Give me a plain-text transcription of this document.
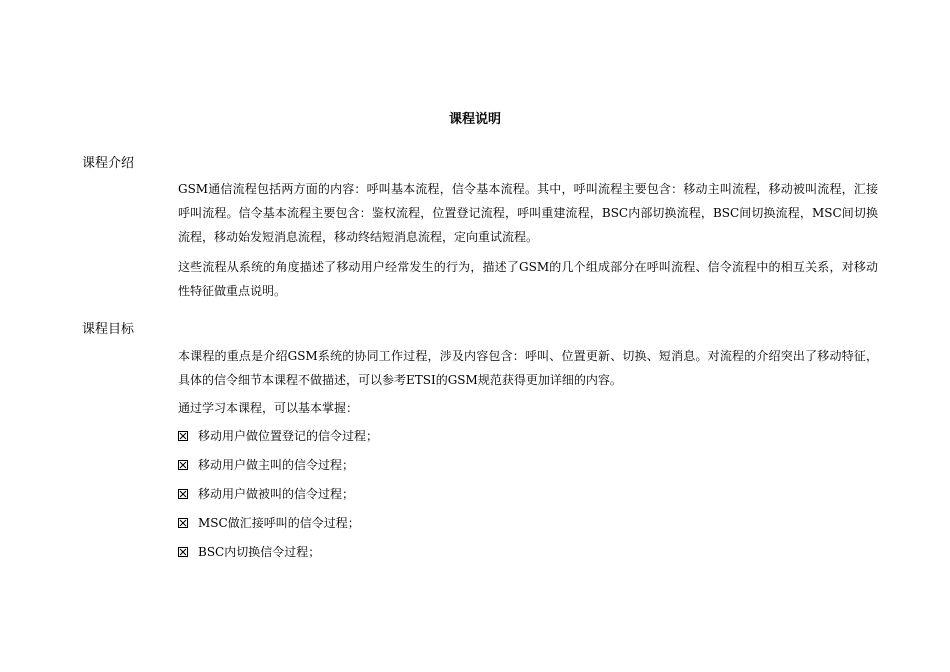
课程说明
课程介绍
GSM通信流程包括两方面的内容：呼叫基本流程，信令基本流程。其中，呼叫流程主要包含：移动主叫流程，移动被叫流程，汇接呼叫流程。信令基本流程主要包含：鉴权流程，位置登记流程，呼叫重建流程，BSC内部切换流程，BSC间切换流程，MSC间切换流程，移动始发短消息流程，移动终结短消息流程，定向重试流程。
这些流程从系统的角度描述了移动用户经常发生的行为，描述了GSM的几个组成部分在呼叫流程、信令流程中的相互关系，对移动性特征做重点说明。
课程目标
本课程的重点是介绍GSM系统的协同工作过程，涉及内容包含：呼叫、位置更新、切换、短消息。对流程的介绍突出了移动特征，具体的信令细节本课程不做描述，可以参考ETSI的GSM规范获得更加详细的内容。
通过学习本课程，可以基本掌握：
移动用户做位置登记的信令过程；
移动用户做主叫的信令过程；
移动用户做被叫的信令过程；
MSC做汇接呼叫的信令过程；
BSC内切换信令过程；
